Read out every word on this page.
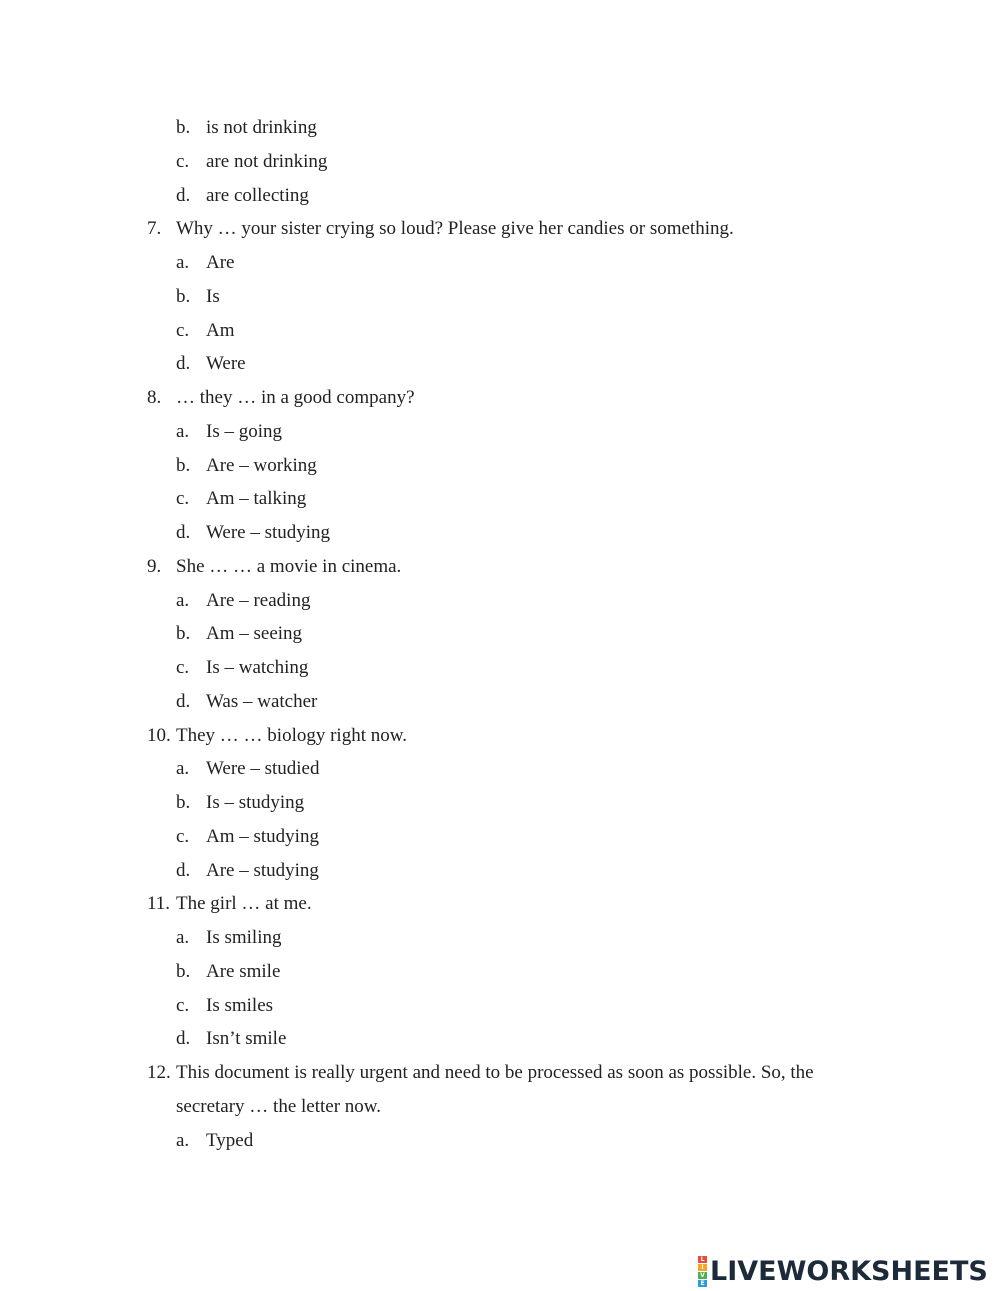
b. is not drinking
c. are not drinking
d. are collecting
7. Why … your sister crying so loud? Please give her candies or something.
a. Are
b. Is
c. Am
d. Were
8. … they … in a good company?
a. Is – going
b. Are – working
c. Am – talking
d. Were – studying
9. She … … a movie in cinema.
a. Are – reading
b. Am – seeing
c. Is – watching
d. Was – watcher
10. They … … biology right now.
a. Were – studied
b. Is – studying
c. Am – studying
d. Are – studying
11. The girl … at me.
a. Is smiling
b. Are smile
c. Is smiles
d. Isn’t smile
12. This document is really urgent and need to be processed as soon as possible. So, the
secretary … the letter now.
a. Typed
L
I
V
E LIVEWORKSHEETS
